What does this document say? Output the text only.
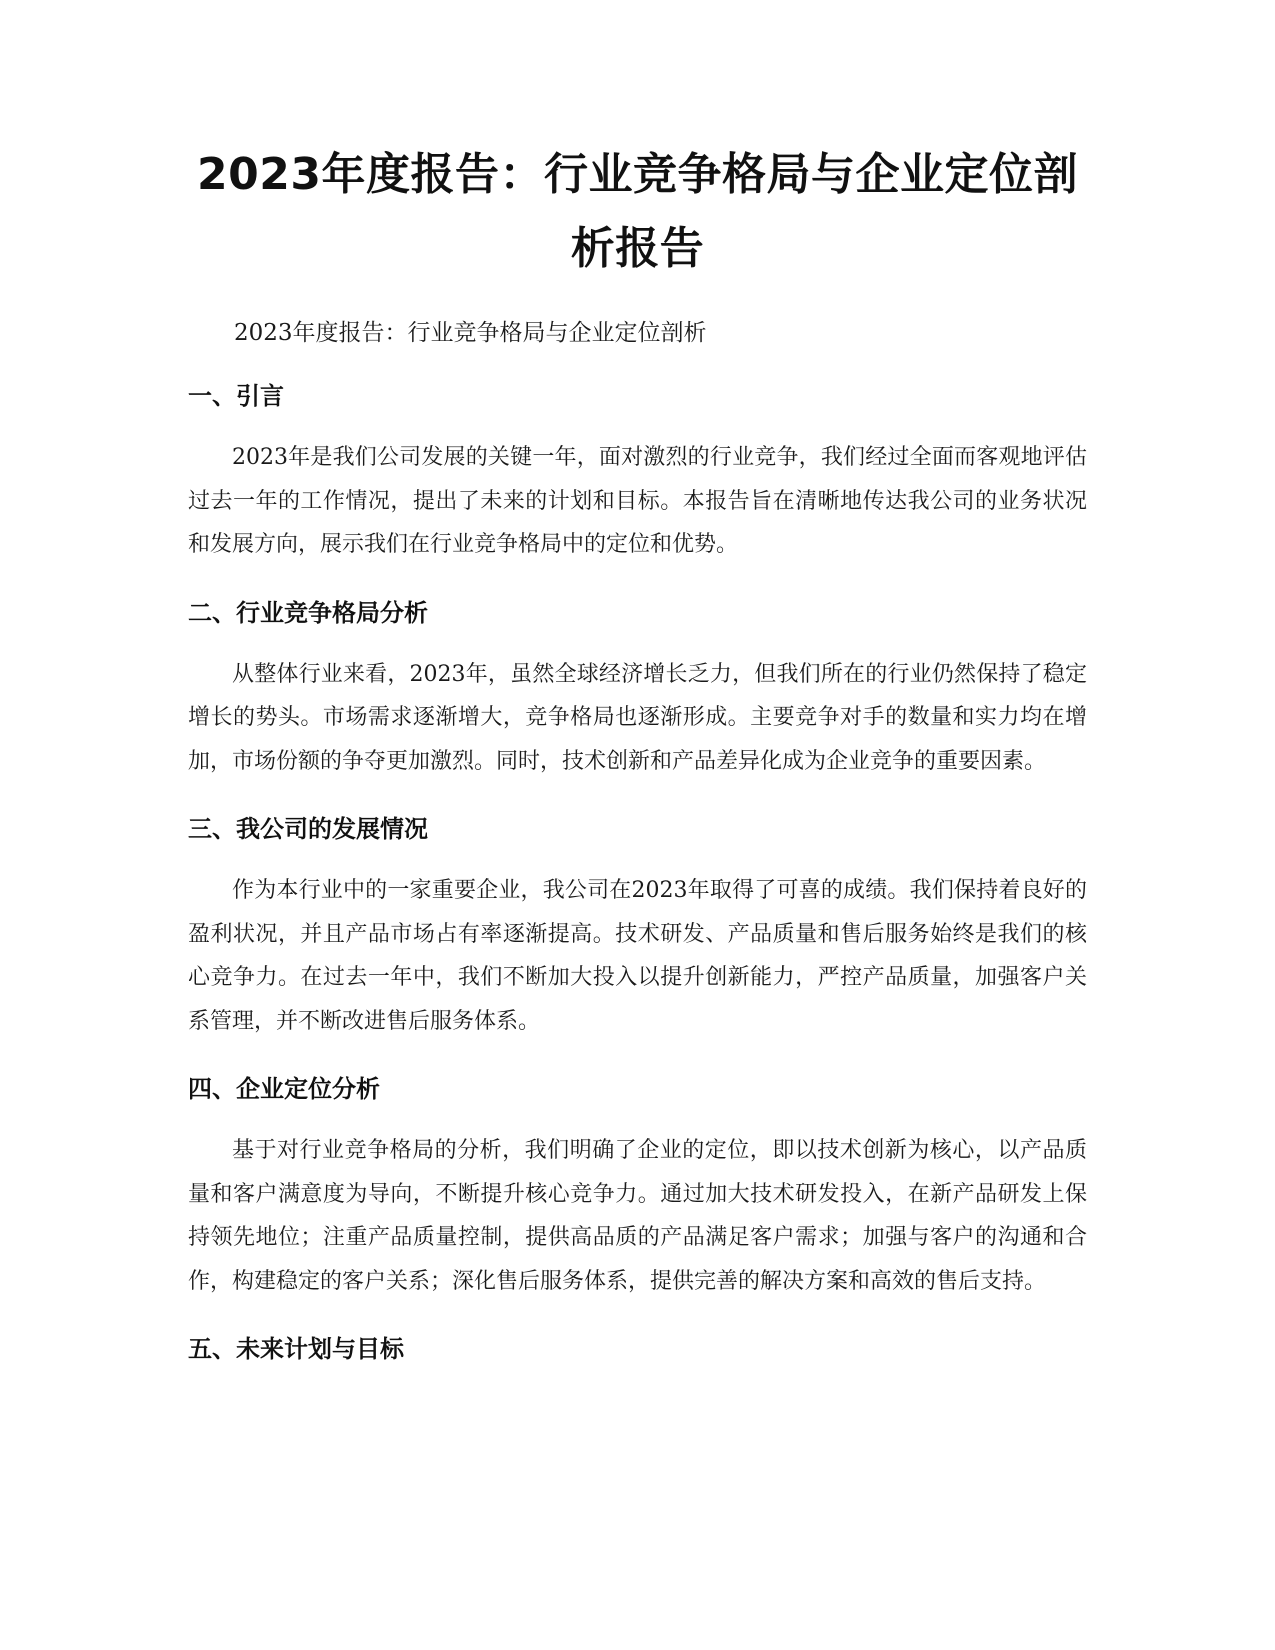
2023年度报告：行业竞争格局与企业定位剖析报告

2023年度报告：行业竞争格局与企业定位剖析

一、引言

2023年是我们公司发展的关键一年，面对激烈的行业竞争，我们经过全面而客观地评估过去一年的工作情况，提出了未来的计划和目标。本报告旨在清晰地传达我公司的业务状况和发展方向，展示我们在行业竞争格局中的定位和优势。

二、行业竞争格局分析

从整体行业来看，2023年，虽然全球经济增长乏力，但我们所在的行业仍然保持了稳定增长的势头。市场需求逐渐增大，竞争格局也逐渐形成。主要竞争对手的数量和实力均在增加，市场份额的争夺更加激烈。同时，技术创新和产品差异化成为企业竞争的重要因素。

三、我公司的发展情况

作为本行业中的一家重要企业，我公司在2023年取得了可喜的成绩。我们保持着良好的盈利状况，并且产品市场占有率逐渐提高。技术研发、产品质量和售后服务始终是我们的核心竞争力。在过去一年中，我们不断加大投入以提升创新能力，严控产品质量，加强客户关系管理，并不断改进售后服务体系。

四、企业定位分析

基于对行业竞争格局的分析，我们明确了企业的定位，即以技术创新为核心，以产品质量和客户满意度为导向，不断提升核心竞争力。通过加大技术研发投入，在新产品研发上保持领先地位；注重产品质量控制，提供高品质的产品满足客户需求；加强与客户的沟通和合作，构建稳定的客户关系；深化售后服务体系，提供完善的解决方案和高效的售后支持。

五、未来计划与目标
